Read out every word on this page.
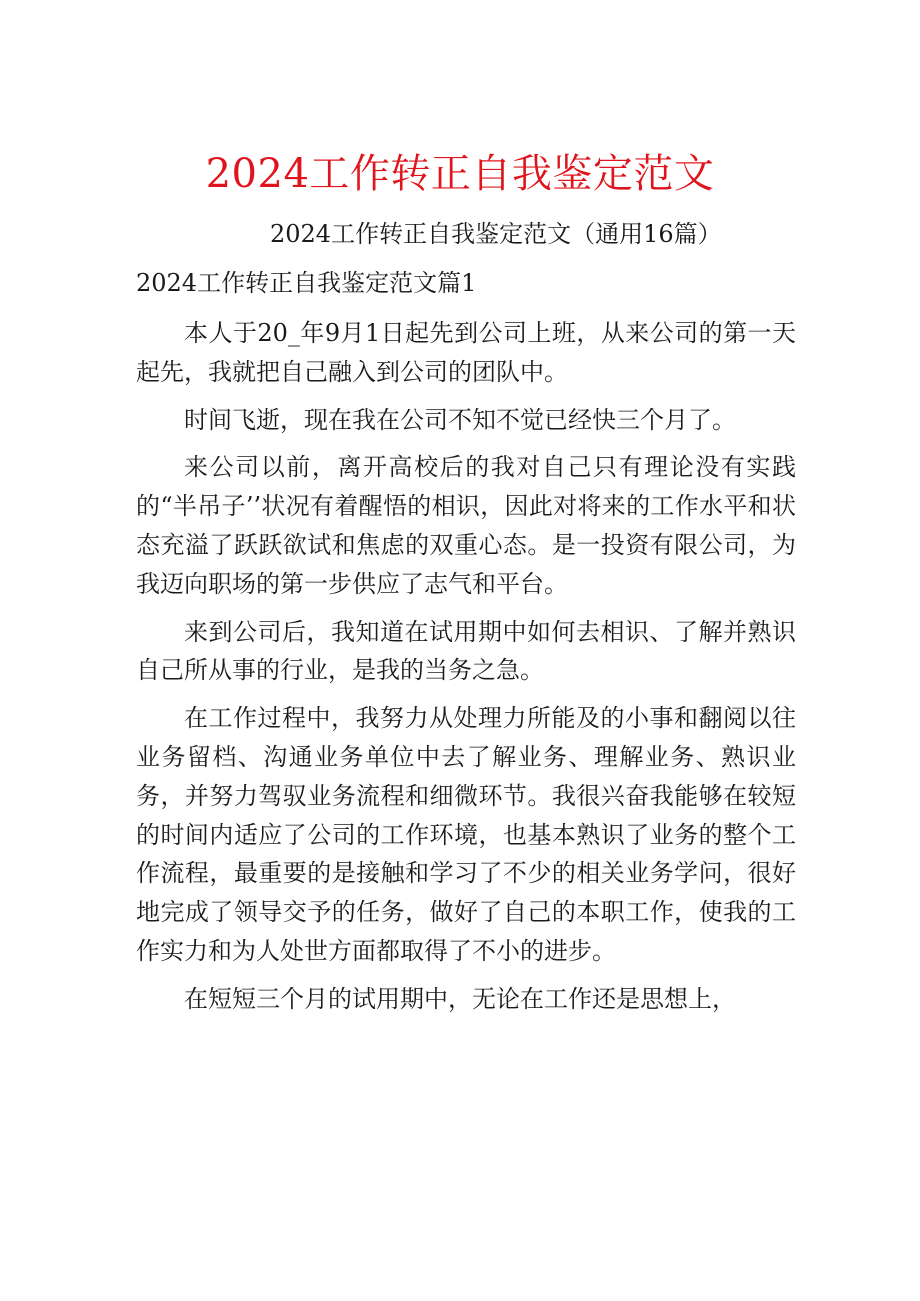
2024工作转正自我鉴定范文
2024工作转正自我鉴定范文（通用16篇）
2024工作转正自我鉴定范文篇1

本人于20_年9月1日起先到公司上班，从来公司的第一天起先，我就把自己融入到公司的团队中。

时间飞逝，现在我在公司不知不觉已经快三个月了。

来公司以前，离开高校后的我对自己只有理论没有实践的“半吊子’’状况有着醒悟的相识，因此对将来的工作水平和状态充溢了跃跃欲试和焦虑的双重心态。是一投资有限公司，为我迈向职场的第一步供应了志气和平台。

来到公司后，我知道在试用期中如何去相识、了解并熟识自己所从事的行业，是我的当务之急。

在工作过程中，我努力从处理力所能及的小事和翻阅以往业务留档、沟通业务单位中去了解业务、理解业务、熟识业务，并努力驾驭业务流程和细微环节。我很兴奋我能够在较短的时间内适应了公司的工作环境，也基本熟识了业务的整个工作流程，最重要的是接触和学习了不少的相关业务学问，很好地完成了领导交予的任务，做好了自己的本职工作，使我的工作实力和为人处世方面都取得了不小的进步。

在短短三个月的试用期中，无论在工作还是思想上，
